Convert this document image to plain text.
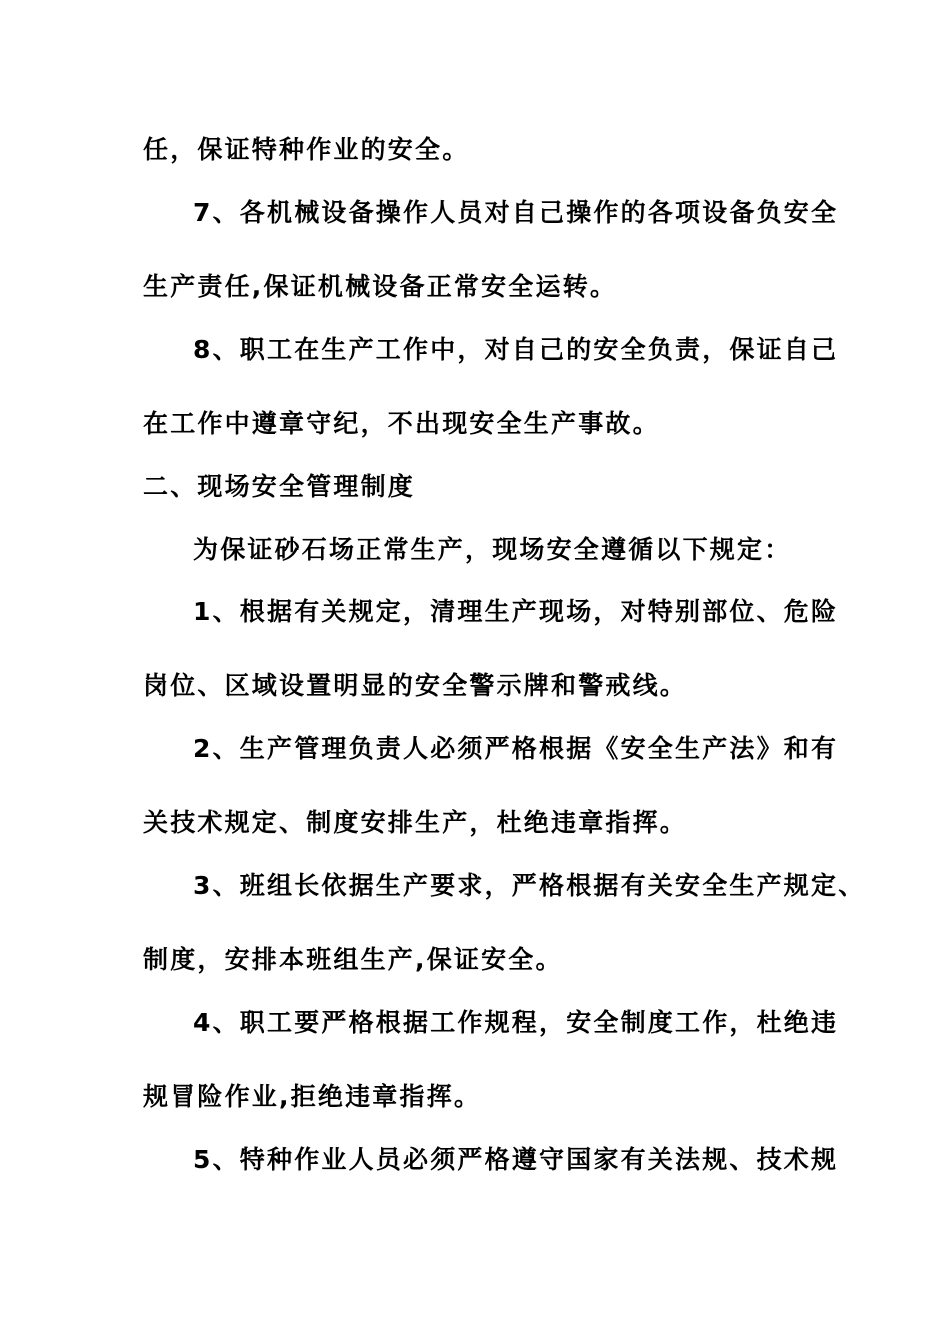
任，保证特种作业的安全。
7、各机械设备操作人员对自己操作的各项设备负安全
生产责任,保证机械设备正常安全运转。
8、职工在生产工作中，对自己的安全负责，保证自己
在工作中遵章守纪，不出现安全生产事故。
二、现场安全管理制度
为保证砂石场正常生产，现场安全遵循以下规定：
1、根据有关规定，清理生产现场，对特别部位、危险
岗位、区域设置明显的安全警示牌和警戒线。
2、生产管理负责人必须严格根据《安全生产法》和有
关技术规定、制度安排生产，杜绝违章指挥。
3、班组长依据生产要求，严格根据有关安全生产规定、
制度，安排本班组生产,保证安全。
4、职工要严格根据工作规程，安全制度工作，杜绝违
规冒险作业,拒绝违章指挥。
5、特种作业人员必须严格遵守国家有关法规、技术规
